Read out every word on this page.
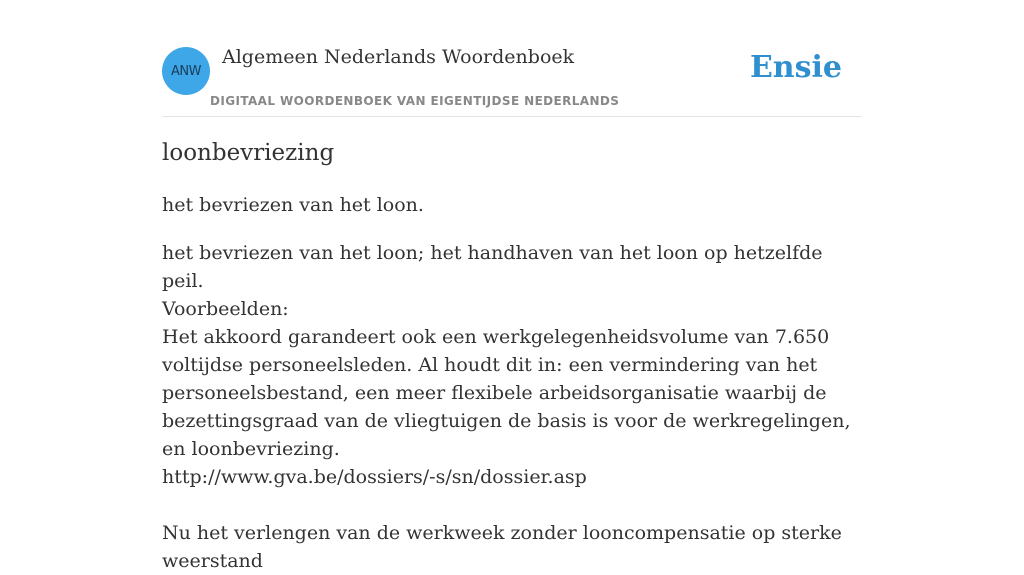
ANW
Algemeen Nederlands Woordenboek
DIGITAAL WOORDENBOEK VAN EIGENTIJDSE NEDERLANDS
Ensie
loonbevriezing
het bevriezen van het loon.
het bevriezen van het loon; het handhaven van het loon op hetzelfde peil.

Voorbeelden:

Het akkoord garandeert ook een werkgelegenheidsvolume van 7.650 voltijdse personeelsleden. Al houdt dit in: een vermindering van het personeelsbestand, een meer flexibele arbeidsorganisatie waarbij de bezettingsgraad van de vliegtuigen de basis is voor de werkregelingen, en loonbevriezing.

http://www.gva.be/dossiers/-s/sn/dossier.asp

Nu het verlengen van de werkweek zonder looncompensatie op sterke weerstand
